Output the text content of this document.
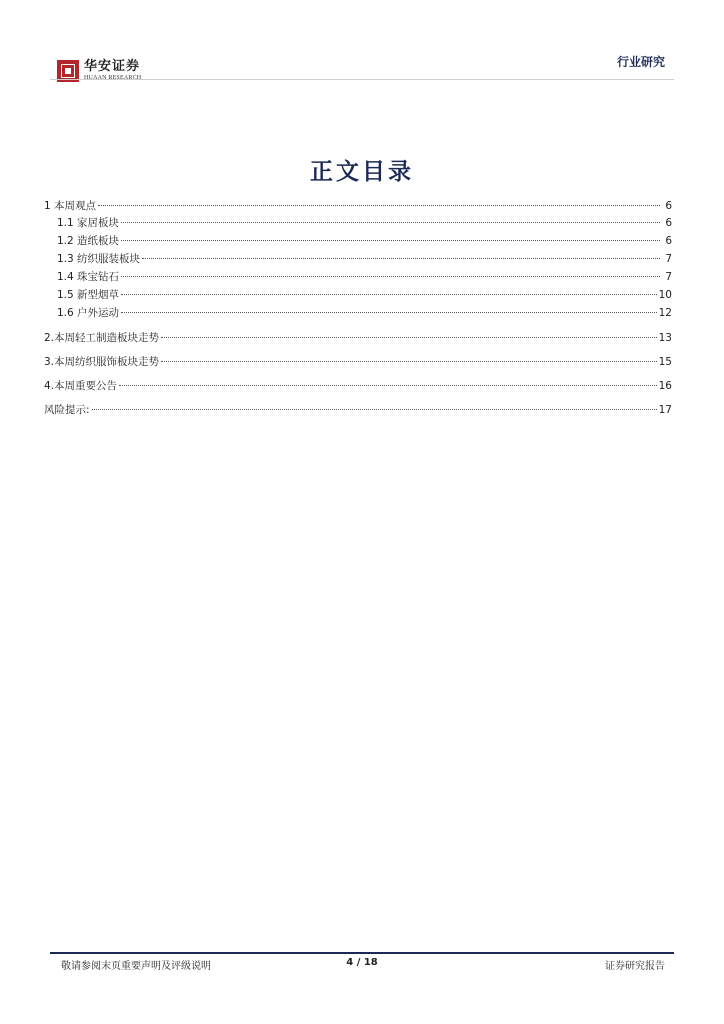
华安证券
HUAAN RESEARCH
行业研究
正文目录
1 本周观点	6
1.1 家居板块	6
1.2 造纸板块	6
1.3 纺织服装板块	7
1.4 珠宝钻石	7
1.5 新型烟草	10
1.6 户外运动	12
2.本周轻工制造板块走势	13
3.本周纺织服饰板块走势	15
4.本周重要公告	16
风险提示:	17
敬请参阅末页重要声明及评级说明	4 / 18	证券研究报告
